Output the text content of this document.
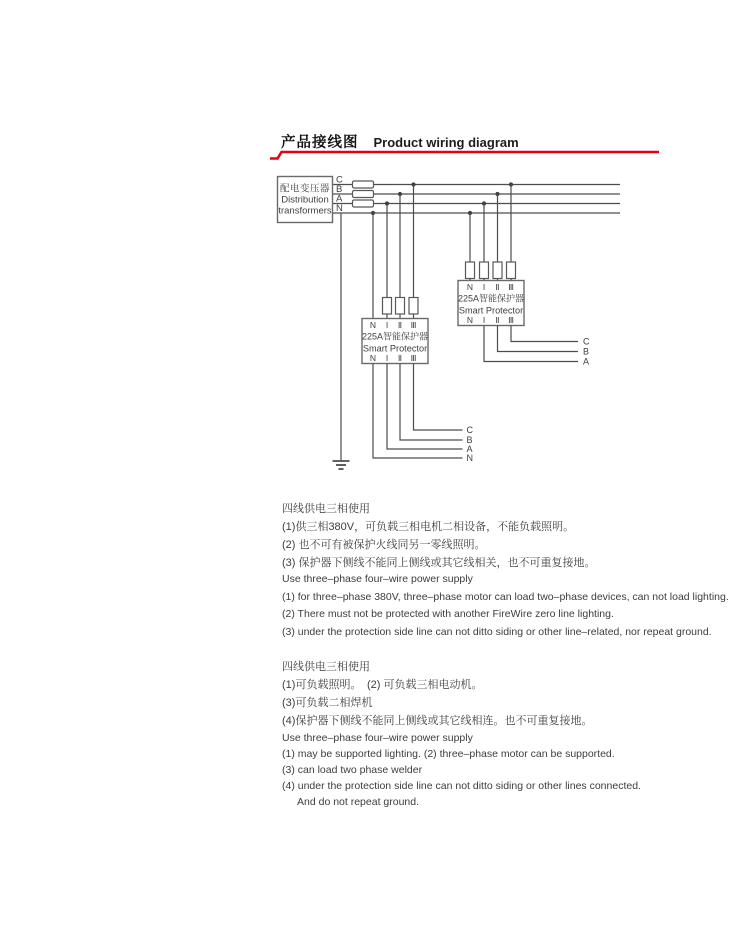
产品接线图 Product wiring diagram
C
B
A
N
配电变压器
Distribution
transformers
N I Ⅱ Ⅲ
225A智能保护器
Smart Protector
N I Ⅱ Ⅲ
C
B
A
N
N I Ⅱ Ⅲ
225A智能保护器
Smart Protector
N I Ⅱ Ⅲ
C
B
A
四线供电三相使用
(1)供三相380V，可负载三相电机二相设备，不能负载照明。
(2) 也不可有被保护火线同另一零线照明。
(3) 保护器下侧线不能同上侧线或其它线相关，也不可重复接地。
Use three–phase four–wire power supply
(1) for three–phase 380V, three–phase motor can load two–phase devices, can not load lighting.
(2) There must not be protected with another FireWire zero line lighting.
(3) under the protection side line can not ditto siding or other line–related, nor repeat ground.
四线供电三相使用
(1)可负载照明。　(2) 可负载三相电动机。
(3)可负载二相焊机
(4)保护器下侧线不能同上侧线或其它线相连。也不可重复接地。
Use three–phase four–wire power supply
(1) may be supported lighting. (2) three–phase motor can be supported.
(3) can load two phase welder
(4) under the protection side line can not ditto siding or other lines connected.
And do not repeat ground.
